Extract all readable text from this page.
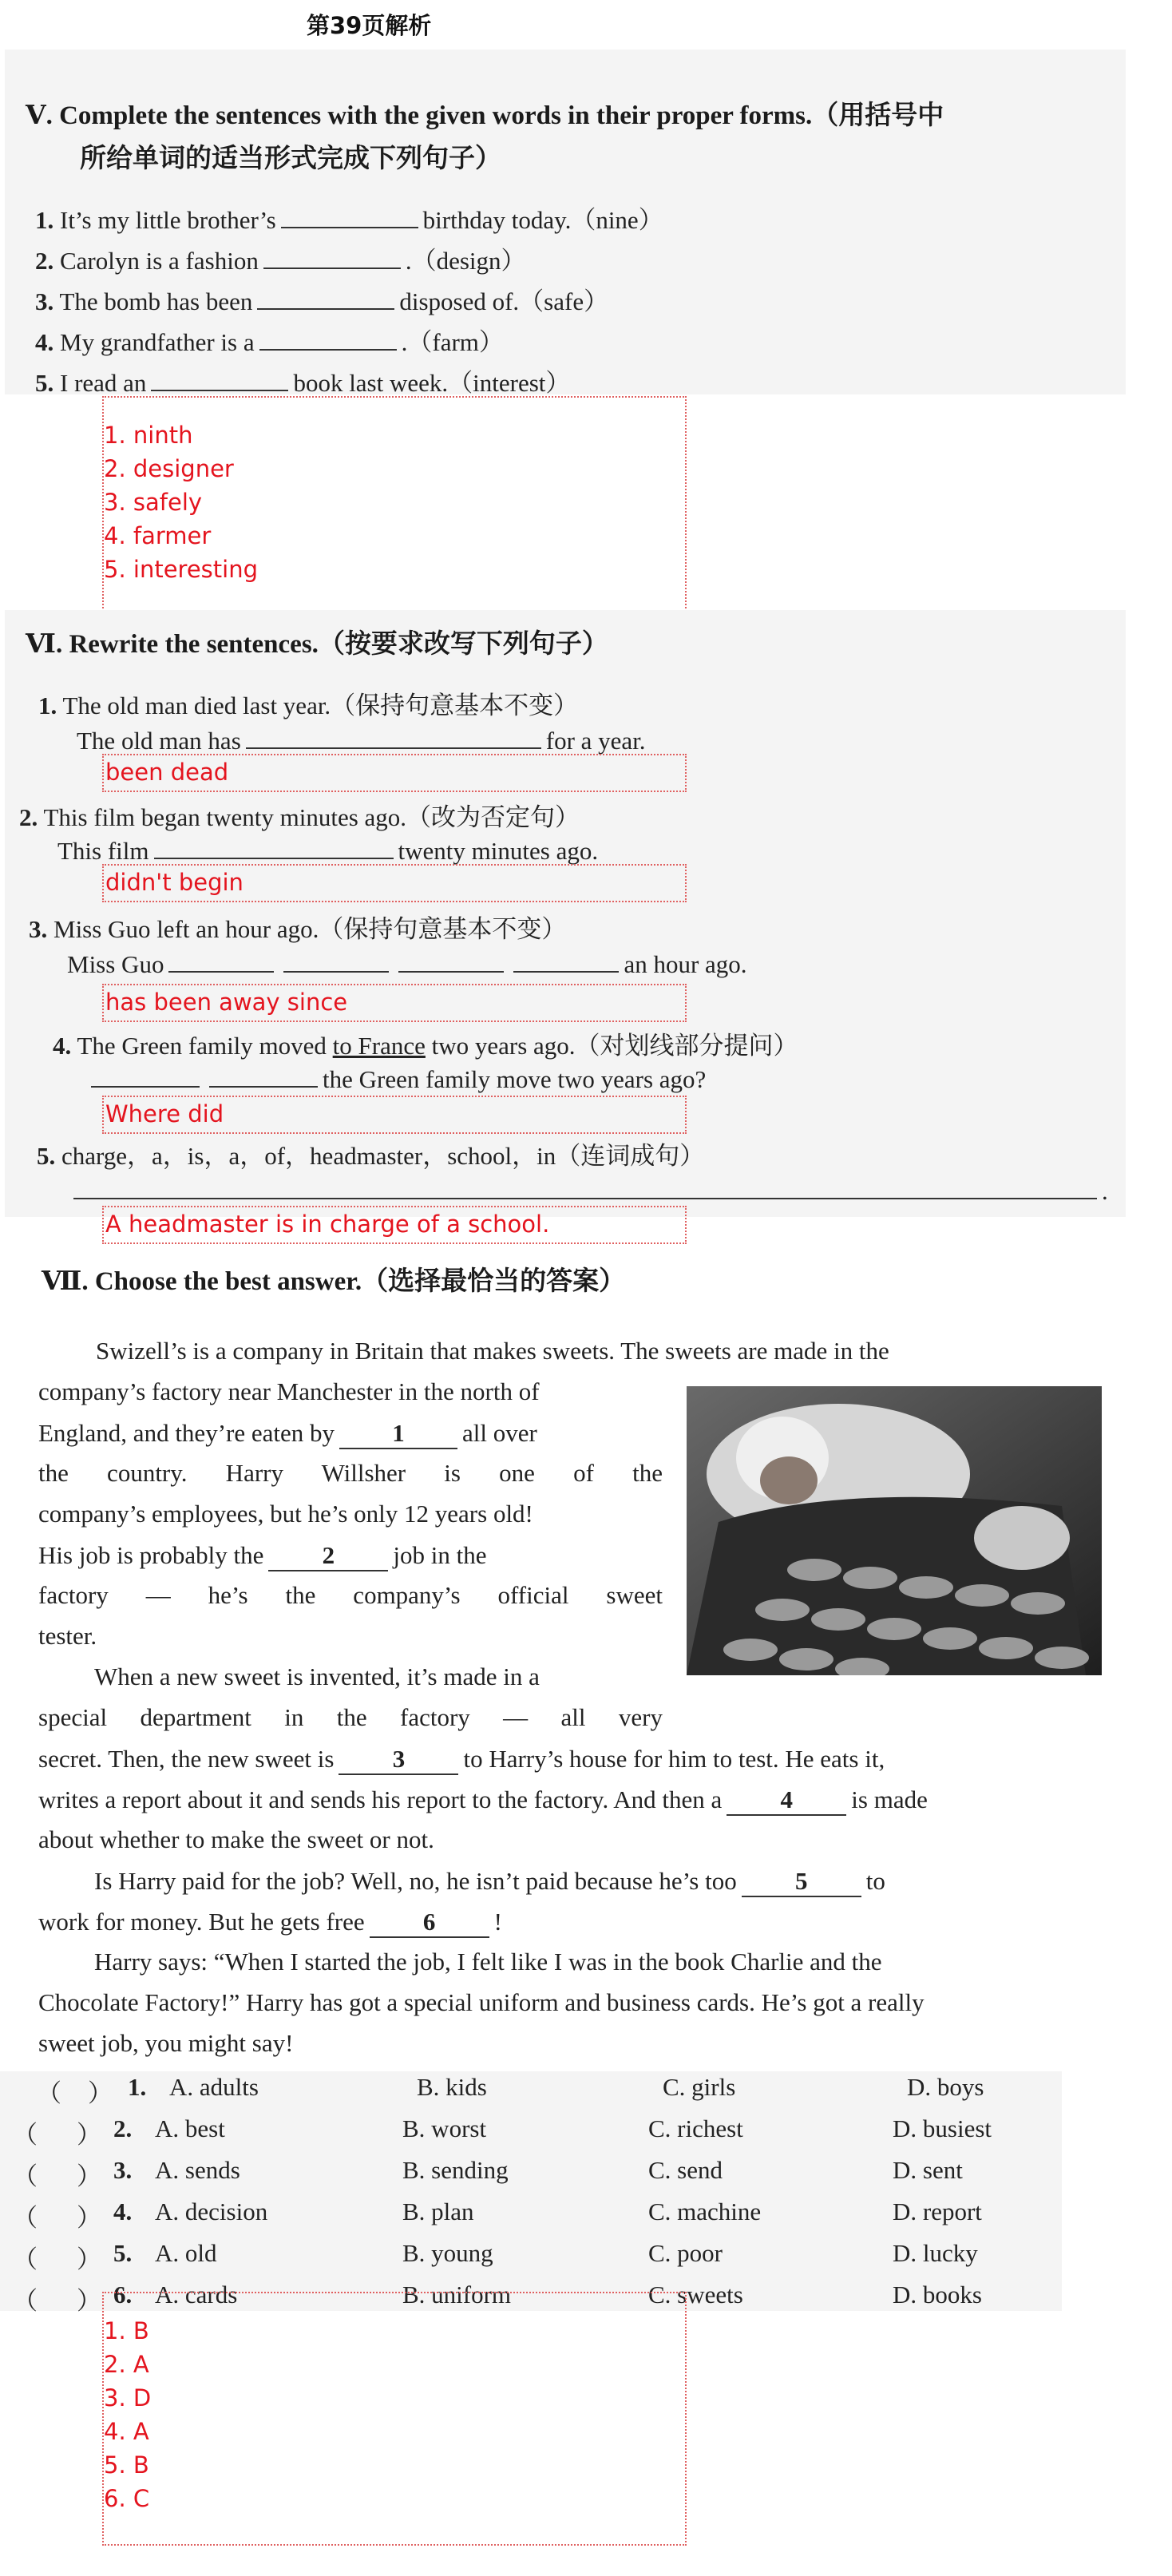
第39页解析
Ⅴ. Complete the sentences with the given words in their proper forms.（用括号中
所给单词的适当形式完成下列句子）
1. It’s my little brother’s	birthday today.（nine）
2. Carolyn is a fashion	.（design）
3. The bomb has been	disposed of.（safe）
4. My grandfather is a	.（farm）
5. I read an	book last week.（interest）
1. ninth
2. designer
3. safely
4. farmer
5. interesting
Ⅵ. Rewrite the sentences.（按要求改写下列句子）
1. The old man died last year.（保持句意基本不变）
The old man has	for a year.
been dead
2. This film began twenty minutes ago.（改为否定句）
This film	twenty minutes ago.
didn't begin
3. Miss Guo left an hour ago.（保持句意基本不变）
Miss Guo	an hour ago.
has been away since
4. The Green family moved to France two years ago.（对划线部分提问）
the Green family move two years ago?
Where did
5. charge，a，is，a，of，headmaster，school，in（连词成句）
.
A headmaster is in charge of a school.
Ⅶ. Choose the best answer.（选择最恰当的答案）
Swizell’s is a company in Britain that makes sweets. The sweets are made in the
company’s factory near Manchester in the north of
England, and they’re eaten by 1 all over
the country. Harry Willsher is one of the
company’s employees, but he’s only 12 years old!
His job is probably the 2 job in the
factory — he’s the company’s official sweet
tester.
When a new sweet is invented, it’s made in a
special department in the factory — all very
secret. Then, the new sweet is 3 to Harry’s house for him to test. He eats it,
writes a report about it and sends his report to the factory. And then a 4 is made
about whether to make the sweet or not.
Is Harry paid for the job? Well, no, he isn’t paid because he’s too 5 to
work for money. But he gets free 6 !
Harry says: “When I started the job, I felt like I was in the book Charlie and the
Chocolate Factory!” Harry has got a special uniform and business cards. He’s got a really
sweet job, you might say!
（ ） 1. A. adults	B. kids	C. girls	D. boys
（ ） 2. A. best	B. worst	C. richest	D. busiest
（ ） 3. A. sends	B. sending	C. send	D. sent
（ ） 4. A. decision	B. plan	C. machine	D. report
（ ） 5. A. old	B. young	C. poor	D. lucky
（ ） 6. A. cards	B. uniform	C. sweets	D. books
1. B
2. A
3. D
4. A
5. B
6. C
